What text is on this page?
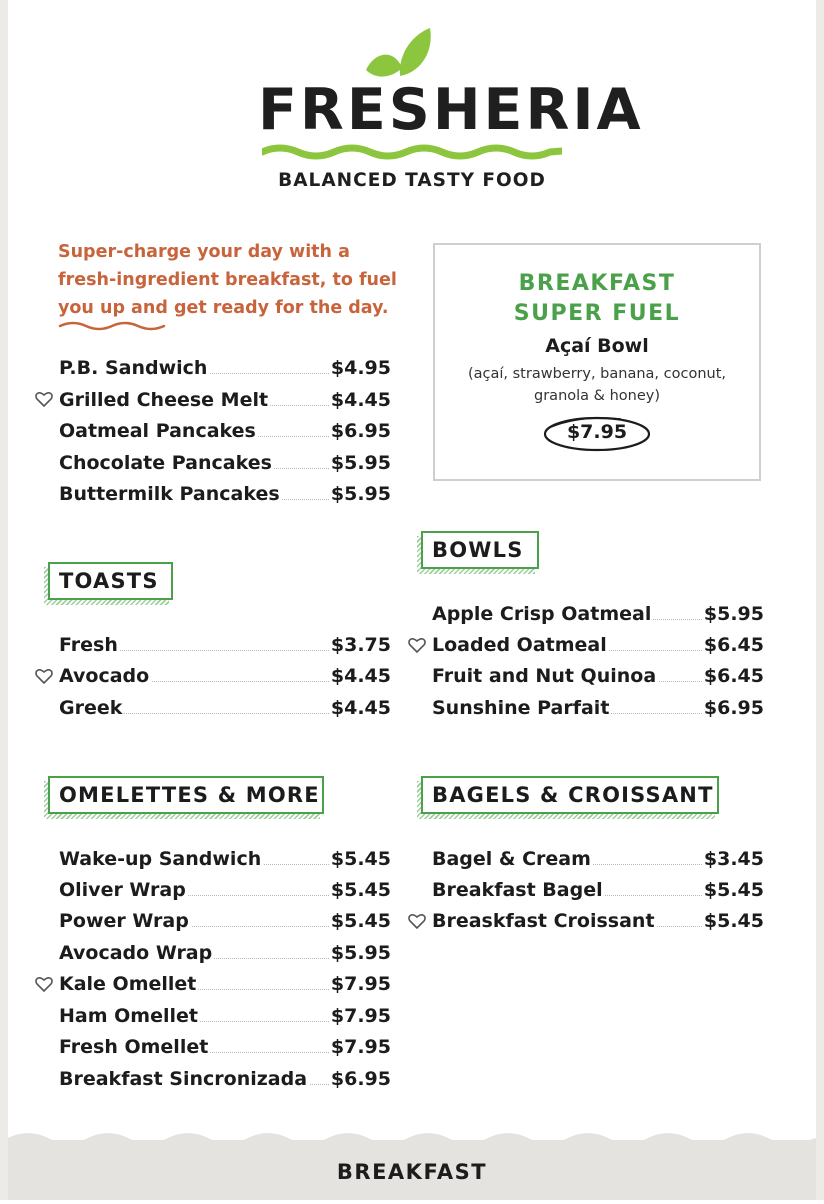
FRESHERIA
BALANCED TASTY FOOD
Super-charge your day with a fresh-ingredient breakfast, to fuel you up and get ready for the day.
BREAKFAST
SUPER FUEL
Açaí Bowl
(açaí, strawberry, banana, coconut, granola & honey)
$7.95
P.B. Sandwich	$4.95
Grilled Cheese Melt	$4.45
Oatmeal Pancakes	$6.95
Chocolate Pancakes	$5.95
Buttermilk Pancakes	$5.95
TOASTS
Fresh	$3.75
Avocado	$4.45
Greek	$4.45
BOWLS
Apple Crisp Oatmeal	$5.95
Loaded Oatmeal	$6.45
Fruit and Nut Quinoa	$6.45
Sunshine Parfait	$6.95
OMELETTES & MORE
Wake-up Sandwich	$5.45
Oliver Wrap	$5.45
Power Wrap	$5.45
Avocado Wrap	$5.95
Kale Omellet	$7.95
Ham Omellet	$7.95
Fresh Omellet	$7.95
Breakfast Sincronizada $6.95
BAGELS & CROISSANT
Bagel & Cream	$3.45
Breakfast Bagel	$5.45
Breaskfast Croissant	$5.45
BREAKFAST
